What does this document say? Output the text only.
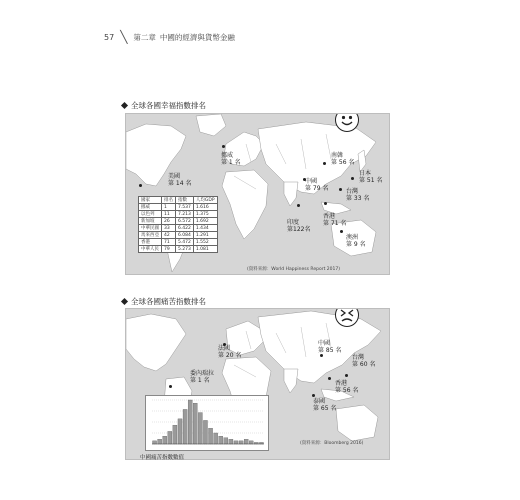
57 ╲ 第二章 中國的經濟與貨幣金融
全球各國幸福指數排名
美國
第 14 名
挪威
第 1 名
南韓
第 56 名
日本
第 51 名
中國
第 79 名	台灣
第 33 名
印度
第122名
香港
第 71 名
澳洲
第 9 名
國家	排名	指數	人均GDP
挪威	1	7.537	1.616
以色列	11	7.213	1.375
新加坡	26	6.572	1.692
中華民國	33	6.422	1.434
馬來西亞	42	6.084	1.291
香港	71	5.472	1.552
中華人民	79	5.273	1.081
(資料來源：World Happiness Report 2017)
全球各國痛苦指數排名
法國
第 20 名
委內瑞拉
第 1 名
中國
第 85 名
台灣
第 60 名
香港
第 56 名
泰國
第 65 名
(資料來源：Bloomberg 2016)
中國痛苦指數數值
